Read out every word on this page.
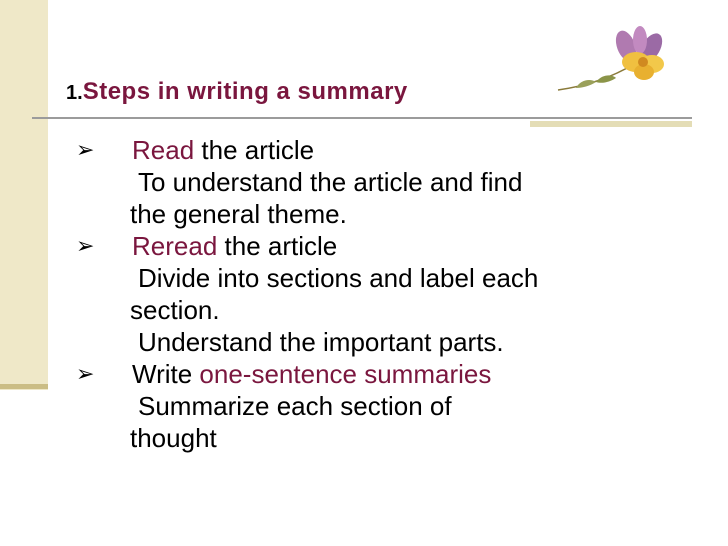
1.Steps in writing a summary
➢ Read the article
To understand the article and find
the general theme.
➢ Reread the article
Divide into sections and label each
section.
Understand the important parts.
➢ Write one-sentence summaries
Summarize each section of
thought
